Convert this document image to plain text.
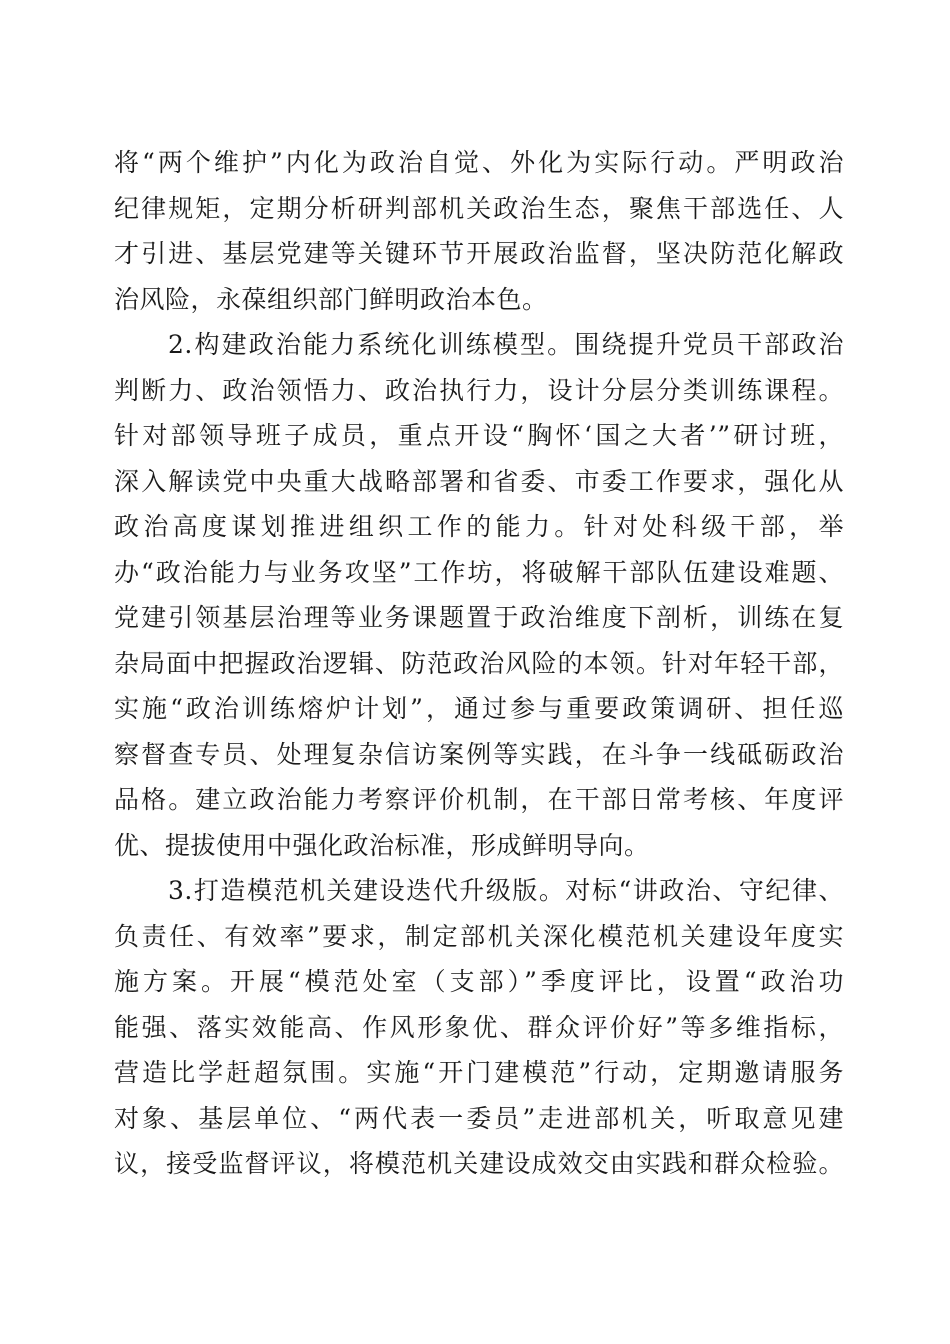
将“两个维护”内化为政治自觉、外化为实际行动。严明政治
纪律规矩，定期分析研判部机关政治生态，聚焦干部选任、人
才引进、基层党建等关键环节开展政治监督，坚决防范化解政
治风险，永葆组织部门鲜明政治本色。
2.构建政治能力系统化训练模型。围绕提升党员干部政治
判断力、政治领悟力、政治执行力，设计分层分类训练课程。
针对部领导班子成员，重点开设“胸怀‘国之大者’”研讨班，
深入解读党中央重大战略部署和省委、市委工作要求，强化从
政治高度谋划推进组织工作的能力。针对处科级干部，举
办“政治能力与业务攻坚”工作坊，将破解干部队伍建设难题、
党建引领基层治理等业务课题置于政治维度下剖析，训练在复
杂局面中把握政治逻辑、防范政治风险的本领。针对年轻干部，
实施“政治训练熔炉计划”，通过参与重要政策调研、担任巡
察督查专员、处理复杂信访案例等实践，在斗争一线砥砺政治
品格。建立政治能力考察评价机制，在干部日常考核、年度评
优、提拔使用中强化政治标准，形成鲜明导向。
3.打造模范机关建设迭代升级版。对标“讲政治、守纪律、
负责任、有效率”要求，制定部机关深化模范机关建设年度实
施方案。开展“模范处室（支部）”季度评比，设置“政治功
能强、落实效能高、作风形象优、群众评价好”等多维指标，
营造比学赶超氛围。实施“开门建模范”行动，定期邀请服务
对象、基层单位、“两代表一委员”走进部机关，听取意见建
议，接受监督评议，将模范机关建设成效交由实践和群众检验。
